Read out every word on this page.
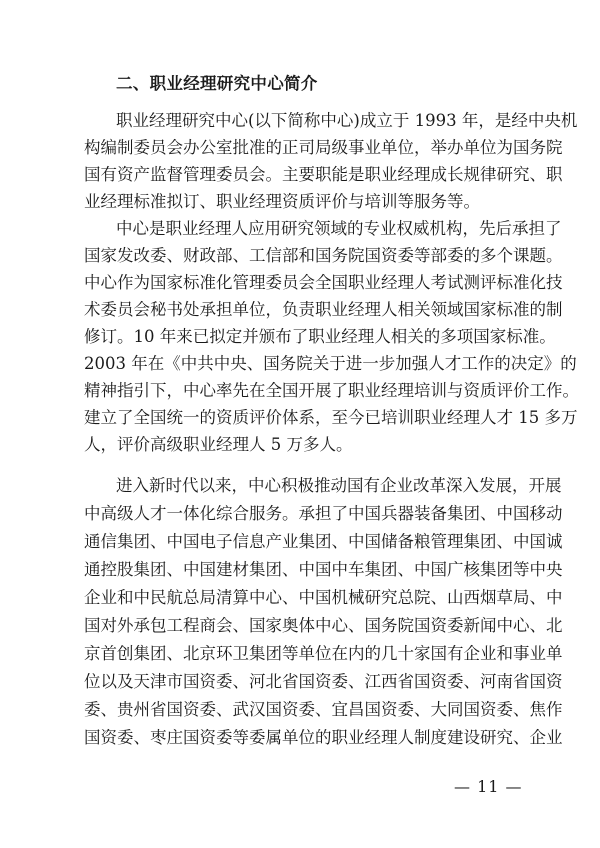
二、职业经理研究中心简介
职业经理研究中心(以下简称中心)成立于 1993 年，是经中央机
构编制委员会办公室批准的正司局级事业单位，举办单位为国务院
国有资产监督管理委员会。主要职能是职业经理成长规律研究、职
业经理标准拟订、职业经理资质评价与培训等服务等。
中心是职业经理人应用研究领域的专业权威机构，先后承担了
国家发改委、财政部、工信部和国务院国资委等部委的多个课题。
中心作为国家标准化管理委员会全国职业经理人考试测评标准化技
术委员会秘书处承担单位，负责职业经理人相关领域国家标准的制
修订。10 年来已拟定并颁布了职业经理人相关的多项国家标准。
2003 年在《中共中央、国务院关于进一步加强人才工作的决定》的
精神指引下，中心率先在全国开展了职业经理培训与资质评价工作。
建立了全国统一的资质评价体系，至今已培训职业经理人才 15 多万
人，评价高级职业经理人 5 万多人。
进入新时代以来，中心积极推动国有企业改革深入发展，开展
中高级人才一体化综合服务。承担了中国兵器装备集团、中国移动
通信集团、中国电子信息产业集团、中国储备粮管理集团、中国诚
通控股集团、中国建材集团、中国中车集团、中国广核集团等中央
企业和中民航总局清算中心、中国机械研究总院、山西烟草局、中
国对外承包工程商会、国家奥体中心、国务院国资委新闻中心、北
京首创集团、北京环卫集团等单位在内的几十家国有企业和事业单
位以及天津市国资委、河北省国资委、江西省国资委、河南省国资
委、贵州省国资委、武汉国资委、宜昌国资委、大同国资委、焦作
国资委、枣庄国资委等委属单位的职业经理人制度建设研究、企业
— 11 —
